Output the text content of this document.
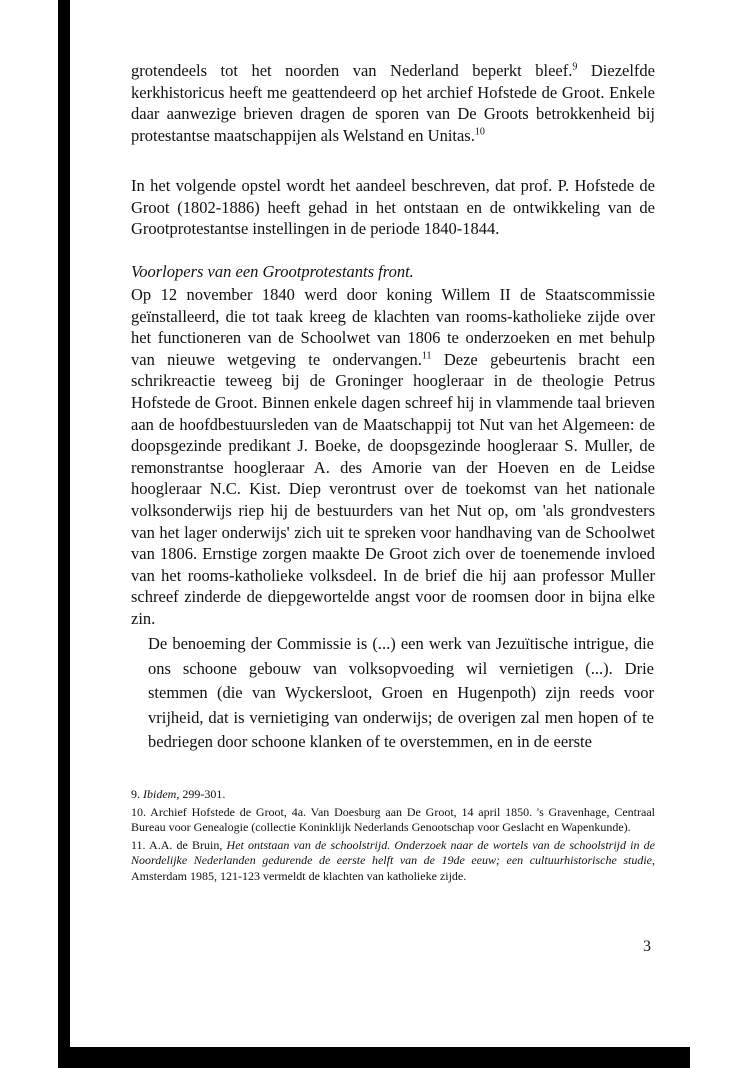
grotendeels tot het noorden van Nederland beperkt bleef.$^9$ Diezelfde kerkhistoricus heeft me geattendeerd op het archief Hofstede de Groot. Enkele daar aanwezige brieven dragen de sporen van De Groots betrokkenheid bij protestantse maatschappijen als Welstand en Unitas.$^{10}$

In het volgende opstel wordt het aandeel beschreven, dat prof. P. Hofstede de Groot (1802-1886) heeft gehad in het ontstaan en de ontwikkeling van de Grootprotestantse instellingen in de periode 1840-1844.

Voorlopers van een Grootprotestants front.

Op 12 november 1840 werd door koning Willem II de Staatscommissie geïnstalleerd, die tot taak kreeg de klachten van rooms-katholieke zijde over het functioneren van de Schoolwet van 1806 te onderzoeken en met behulp van nieuwe wetgeving te ondervangen.$^{11}$ Deze gebeurtenis bracht een schrikreactie teweeg bij de Groninger hoogleraar in de theologie Petrus Hofstede de Groot. Binnen enkele dagen schreef hij in vlammende taal brieven aan de hoofdbestuursleden van de Maatschappij tot Nut van het Algemeen: de doopsgezinde predikant J. Boeke, de doopsgezinde hoogleraar S. Muller, de remonstrantse hoogleraar A. des Amorie van der Hoeven en de Leidse hoogleraar N.C. Kist. Diep verontrust over de toekomst van het nationale volksonderwijs riep hij de bestuurders van het Nut op, om 'als grondvesters van het lager onderwijs' zich uit te spreken voor handhaving van de Schoolwet van 1806. Ernstige zorgen maakte De Groot zich over de toenemende invloed van het rooms-katholieke volksdeel. In de brief die hij aan professor Muller schreef zinderde de diepgewortelde angst voor de roomsen door in bijna elke zin.

De benoeming der Commissie is (...) een werk van Jezuïtische intrigue, die ons schoone gebouw van volksopvoeding wil vernietigen (...). Drie stemmen (die van Wyckersloot, Groen en Hugenpoth) zijn reeds voor vrijheid, dat is vernietiging van onderwijs; de overigen zal men hopen of te bedriegen door schoone klanken of te overstemmen, en in de eerste

9. Ibidem, 299-301.

10. Archief Hofstede de Groot, 4a. Van Doesburg aan De Groot, 14 april 1850. 's Gravenhage, Centraal Bureau voor Genealogie (collectie Koninklijk Nederlands Genootschap voor Geslacht en Wapenkunde).

11. A.A. de Bruin, Het ontstaan van de schoolstrijd. Onderzoek naar de wortels van de schoolstrijd in de Noordelijke Nederlanden gedurende de eerste helft van de 19de eeuw; een cultuurhistorische studie, Amsterdam 1985, 121-123 vermeldt de klachten van katholieke zijde.

3
